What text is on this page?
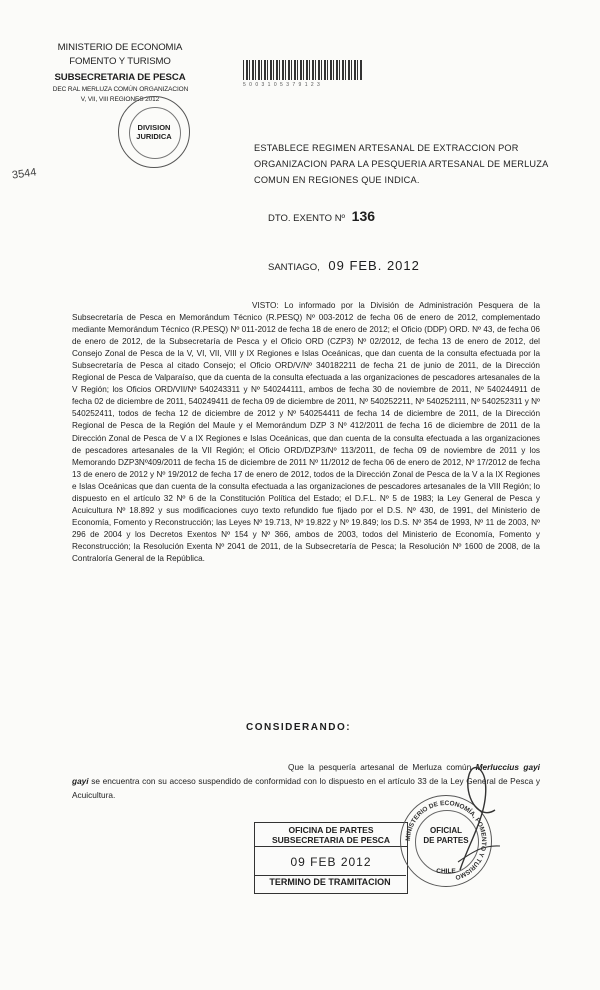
MINISTERIO DE ECONOMIA
FOMENTO Y TURISMO
SUBSECRETARIA DE PESCA
DEC RAL MERLUZA COMÚN ORGANIZACION
V, VII, VIII REGIONES 2012
DIVISION
JURIDICA
5 0 0 3 1 0 5 3 7 9 1 2 3
3544
ESTABLECE REGIMEN ARTESANAL DE EXTRACCION POR ORGANIZACION PARA LA PESQUERIA ARTESANAL DE MERLUZA COMUN EN REGIONES QUE INDICA.
DTO. EXENTO Nº 136
SANTIAGO, 09 FEB. 2012
VISTO: Lo informado por la División de Administración Pesquera de la Subsecretaría de Pesca en Memorándum Técnico (R.PESQ) Nº 003-2012 de fecha 06 de enero de 2012, complementado mediante Memorándum Técnico (R.PESQ) Nº 011-2012 de fecha 18 de enero de 2012; el Oficio (DDP) ORD. Nº 43, de fecha 06 de enero de 2012, de la Subsecretaría de Pesca y el Oficio ORD (CZP3) Nº 02/2012, de fecha 13 de enero de 2012, del Consejo Zonal de Pesca de la V, VI, VII, VIII y IX Regiones e Islas Oceánicas, que dan cuenta de la consulta efectuada por la Subsecretaría de Pesca al citado Consejo; el Oficio ORD/V/Nº 340182211 de fecha 21 de junio de 2011, de la Dirección Regional de Pesca de Valparaíso, que da cuenta de la consulta efectuada a las organizaciones de pescadores artesanales de la V Región; los Oficios ORD/VII/Nº 540243311 y Nº 540244111, ambos de fecha 30 de noviembre de 2011, Nº 540244911 de fecha 02 de diciembre de 2011, 540249411 de fecha 09 de diciembre de 2011, Nº 540252211, Nº 540252111, Nº 540252311 y Nº 540252411, todos de fecha 12 de diciembre de 2012 y Nº 540254411 de fecha 14 de diciembre de 2011, de la Dirección Regional de Pesca de la Región del Maule y el Memorándum DZP 3 Nº 412/2011 de fecha 16 de diciembre de 2011 de la Dirección Zonal de Pesca de V a IX Regiones e Islas Oceánicas, que dan cuenta de la consulta efectuada a las organizaciones de pescadores artesanales de la VII Región; el Oficio ORD/DZP3/Nº 113/2011, de fecha 09 de noviembre de 2011 y los Memorando DZP3Nº409/2011 de fecha 15 de diciembre de 2011 Nº 11/2012 de fecha 06 de enero de 2012, Nº 17/2012 de fecha 13 de enero de 2012 y Nº 19/2012 de fecha 17 de enero de 2012, todos de la Dirección Zonal de Pesca de la V a la IX Regiones e Islas Oceánicas que dan cuenta de la consulta efectuada a las organizaciones de pescadores artesanales de la VIII Región; lo dispuesto en el artículo 32 Nº 6 de la Constitución Política del Estado; el D.F.L. Nº 5 de 1983; la Ley General de Pesca y Acuicultura Nº 18.892 y sus modificaciones cuyo texto refundido fue fijado por el D.S. Nº 430, de 1991, del Ministerio de Economía, Fomento y Reconstrucción; las Leyes Nº 19.713, Nº 19.822 y Nº 19.849; los D.S. Nº 354 de 1993, Nº 11 de 2003, Nº 296 de 2004 y los Decretos Exentos Nº 154 y Nº 366, ambos de 2003, todos del Ministerio de Economía, Fomento y Reconstrucción; la Resolución Exenta Nº 2041 de 2011, de la Subsecretaría de Pesca; la Resolución Nº 1600 de 2008, de la Contraloría General de la República.
CONSIDERANDO:
Que la pesquería artesanal de Merluza común Merluccius gayi gayi se encuentra con su acceso suspendido de conformidad con lo dispuesto en el artículo 33 de la Ley General de Pesca y Acuicultura.
OFICINA DE PARTES
SUBSECRETARIA DE PESCA
09 FEB 2012
TERMINO DE TRAMITACION
MINISTERIO DE ECONOMÍA, FOMENTO Y TURISMO
OFICIAL
DE PARTES
CHILE
